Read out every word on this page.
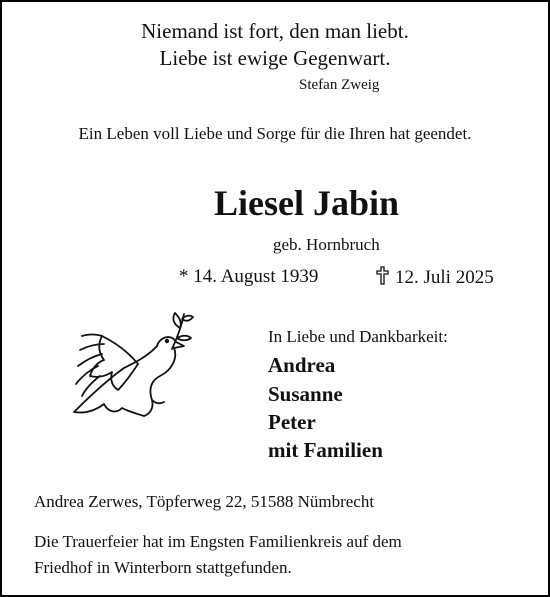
Niemand ist fort, den man liebt.
Liebe ist ewige Gegenwart.
Stefan Zweig
Ein Leben voll Liebe und Sorge für die Ihren hat geendet.
Liesel Jabin
geb. Hornbruch
* 14. August 1939	12. Juli 2025
In Liebe und Dankbarkeit:
Andrea
Susanne
Peter
mit Familien
Andrea Zerwes, Töpferweg 22, 51588 Nümbrecht
Die Trauerfeier hat im Engsten Familienkreis auf dem
Friedhof in Winterborn stattgefunden.
